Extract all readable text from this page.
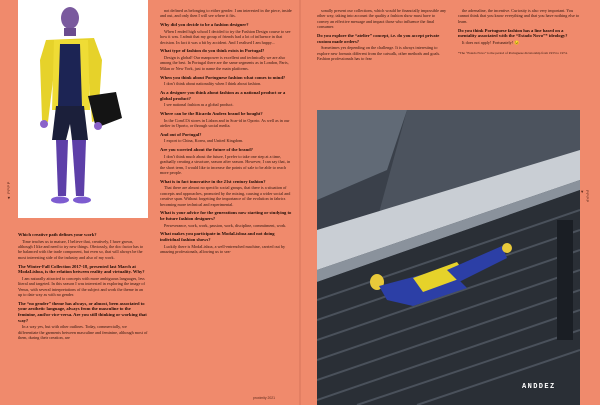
◄ PPPP	PPPP ►
Which creative path defines your work?

Time teaches us to mature, I believe that, creatively, I have grown, although I like and need to try new things. Obviously, the doc factor has to be balanced with the trade component, but even so, that will always be the most interesting side of the industry and also of my work.

The Winter-Fall Collection 2017-18, presented last March at ModaLisboa, is the relation between reality and virtuality. Why?

I am naturally attracted to concepts with more ambiguous languages, less literal and targeted. In this season I was interested in exploring the image of Venus, with several interpretations of the subject and work the theme in an up to date way as with no gender.

The “no gender” theme has always, or almost, been associated to your aesthetic language, always from the masculine to the feminine, and/or vice-versa. Are you still thinking or working that way?

In a way yes, but with other outlines. Today, commercially, we differentiate the garments between masculine and feminine, although most of them, during their creation, are

not defined as belonging to either gender. I am interested in the piece, inside and out, and only then I will see where it fits.

Why did you decide to be a fashion designer?

When I ended high school I decided to try the Fashion Design course to see how it was. I admit that my group of friends had a lot of influence in that decision. In fact it was a bit by accident. And I realised I am happy...

What type of fashion do you think exists in Portugal?

Design is global! Our manpower is excellent and technically we are also among the best. In Portugal there are the same segments as in London, Paris, Milan or New York, just to name the main platforms.

When you think about Portuguese fashion what comes to mind?

I don’t think about nationality when I think about fashion.

As a designer you think about fashion as a national product or a global product?

I see national fashion as a global product.

Where can be the Ricardo Andrez brand be bought?

In the ComCOi stores in Lisbon and in Scar-id in Oporto. As well as in our atelier in Oporto, or through social media.

And out of Portugal?

I export to China, Korea, and United Kingdom.

Are you worried about the future of the brand?

I don’t think much about the future, I prefer to take one step at a time, gradually creating a structure, season after season. However, I can say that, in the short term, I would like to increase the points of sale to be able to reach more people.

What is in fact innovative in the 21st century fashion?

That there are almost no specific social groups, that there is a situation of concepts and approaches, promoted by the mixing, causing a wider social and creative span. Without forgetting the importance of the evolution in fabrics becoming more technical and experimental.

What is your advice for the generations now starting or studying to be future fashion designers?

Perseverance, work, work, passion, work, discipline, commitment, work.

What makes you participate in ModaLisboa and not doing individual fashion shows?

Luckily there is ModaLisboa, a well-entrenched machine, carried out by amazing professionals, allowing us to sea-

sonally present our collections, which would be financially impossible any other way, taking into account the quality a fashion show must have to convey an effective message and impact those who influence the final consumer.

Do you explore the “atelier” concept, i.e. do you accept private custom made orders?

Sometimes yes depending on the challenge. It is always interesting to explore new formats different from the catwalk, other methods and goals. Fashion professionals has to fear

the adrenaline, the incentive. Curiosity is also very important. You cannot think that you know everything and that you have nothing else to learn.

Do you think Portuguese fashion has a line based on a mentality associated with the “Estado Novo”* ideology?

It does not apply! Fortunately! 😉

*The “Estado Novo” is the period of Portuguese dictatorship from 1933 to 1974.

proximity 2021
ANDDEZ
